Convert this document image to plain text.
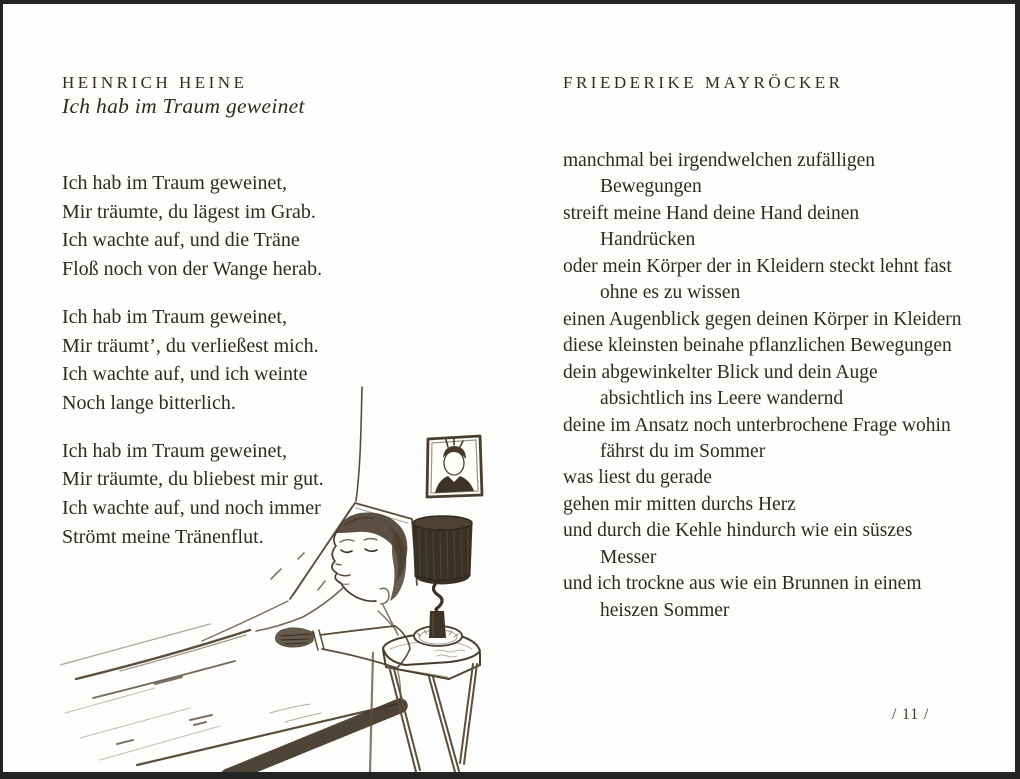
HEINRICH HEINE
Ich hab im Traum geweinet
Ich hab im Traum geweinet,
Mir träumte, du lägest im Grab.
Ich wachte auf, und die Träne
Floß noch von der Wange herab.
Ich hab im Traum geweinet,
Mir träumt’, du verließest mich.
Ich wachte auf, und ich weinte
Noch lange bitterlich.
Ich hab im Traum geweinet,
Mir träumte, du bliebest mir gut.
Ich wachte auf, und noch immer
Strömt meine Tränenflut.
FRIEDERIKE MAYRÖCKER
manchmal bei irgendwelchen zufälligen
Bewegungen
streift meine Hand deine Hand deinen
Handrücken
oder mein Körper der in Kleidern steckt lehnt fast
ohne es zu wissen
einen Augenblick gegen deinen Körper in Kleidern
diese kleinsten beinahe pflanzlichen Bewegungen
dein abgewinkelter Blick und dein Auge
absichtlich ins Leere wandernd
deine im Ansatz noch unterbrochene Frage wohin
fährst du im Sommer
was liest du gerade
gehen mir mitten durchs Herz
und durch die Kehle hindurch wie ein süszes
Messer
und ich trockne aus wie ein Brunnen in einem
heiszen Sommer
/ 11 /
